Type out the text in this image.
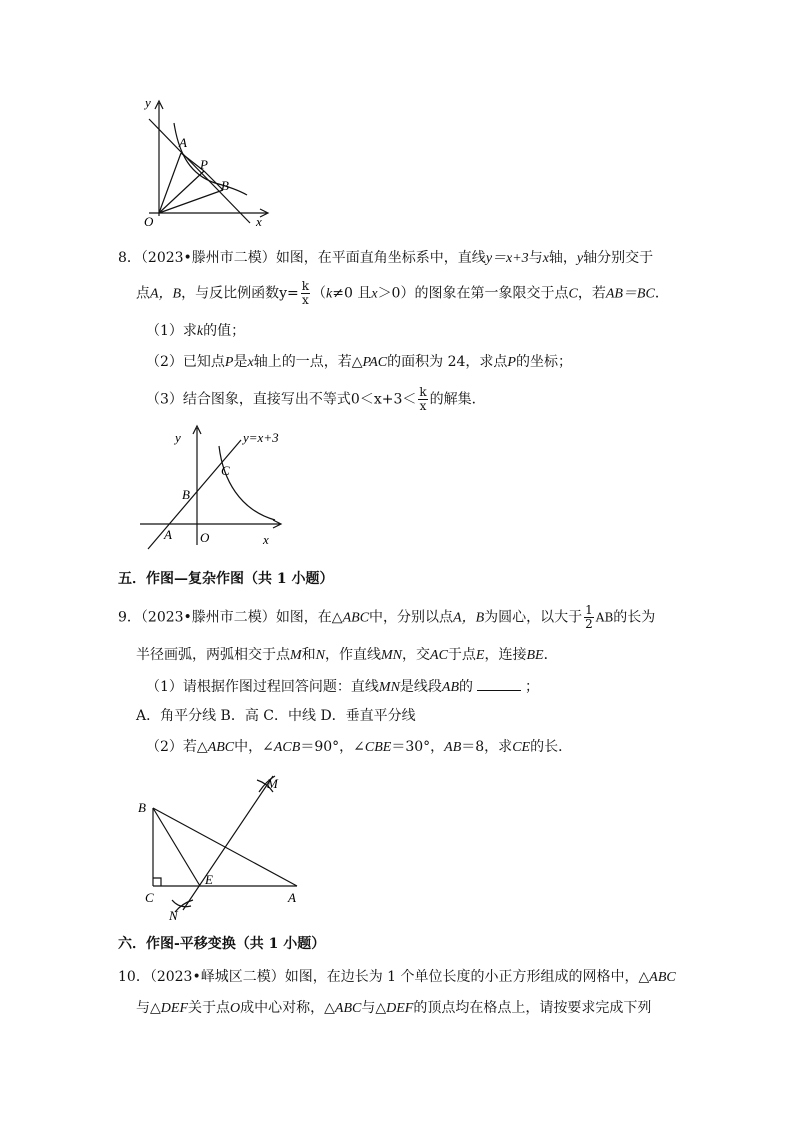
y
x
O
A
P
B
8．（2023•滕州市二模）如图，在平面直角坐标系中，直线y＝x+3与x轴，y轴分别交于
点A，B，与反比例函数$y= \frac{k}{x} (k\ne 0$ 且x＞0）的图象在第一象限交于点C，若AB＝BC．
（1）求k的值；
（2）已知点P是x轴上的一点，若△PAC的面积为 24，求点P的坐标；
（3）结合图象，直接写出不等式$0<x+3< \frac{k}{x}$ 的解集．
y
x
y=x+3
C
B
A O
五．作图—复杂作图（共 1 小题）
9．（2023•滕州市二模）如图，在△ABC中，分别以点A，B为圆心，以大于 $\frac{1}{2}$ AB的长为
半径画弧，两弧相交于点M和N，作直线MN，交AC于点E，连接BE．
（1）请根据作图过程回答问题：直线MN是线段AB的	；
A．角平分线 B．高 C．中线 D．垂直平分线
（2）若△ABC中，∠ACB＝90°，∠CBE＝30°，AB＝8，求CE的长．
B
M
C
E
A
N
六．作图-平移变换（共 1 小题）
10．（2023•峄城区二模）如图，在边长为 1 个单位长度的小正方形组成的网格中，△ABC
与△DEF关于点O成中心对称，△ABC与△DEF的顶点均在格点上，请按要求完成下列
